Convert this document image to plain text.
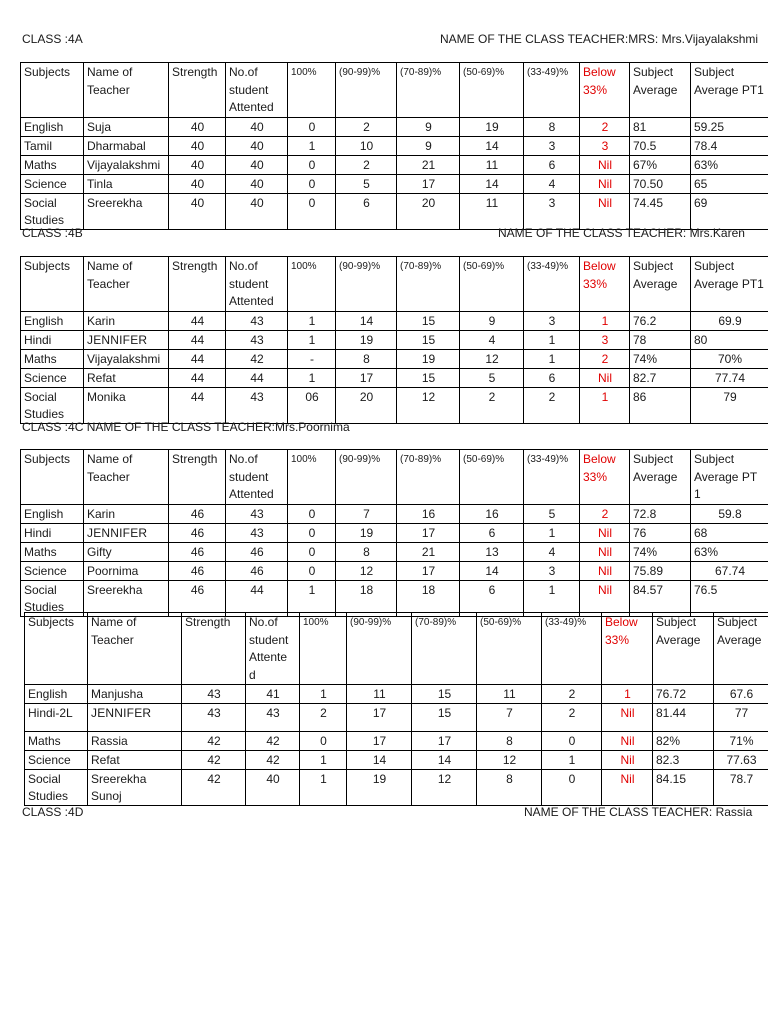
CLASS :4A	NAME OF THE CLASS TEACHER:MRS: Mrs.Vijayalakshmi
Subjects	Name of Teacher	Strength	No.of student Attented	100%	(90-99)%	(70-89)%	(50-69)%	(33-49)%	Below 33%	Subject Average	Subject Average PT1
English	Suja	40	40	0	2	9	19	8	2	81	59.25
Tamil	Dharmabal	40	40	1	10	9	14	3	3	70.5	78.4
Maths	Vijayalakshmi	40	40	0	2	21	11	6	Nil	67%	63%
Science	Tinla	40	40	0	5	17	14	4	Nil	70.50	65
Social Studies	Sreerekha	40	40	0	6	20	11	3	Nil	74.45	69
CLASS :4B	NAME OF THE CLASS TEACHER: Mrs.Karen
Subjects	Name of Teacher	Strength	No.of student Attented	100%	(90-99)%	(70-89)%	(50-69)%	(33-49)%	Below 33%	Subject Average	Subject Average PT1
English	Karin	44	43	1	14	15	9	3	1	76.2	69.9
Hindi	JENNIFER	44	43	1	19	15	4	1	3	78	80
Maths	Vijayalakshmi	44	42	-	8	19	12	1	2	74%	70%
Science	Refat	44	44	1	17	15	5	6	Nil	82.7	77.74
Social Studies	Monika	44	43	06	20	12	2	2	1	86	79
CLASS :4C NAME OF THE CLASS TEACHER:Mrs.Poornima
Subjects	Name of Teacher	Strength	No.of student Attented	100%	(90-99)%	(70-89)%	(50-69)%	(33-49)%	Below 33%	Subject Average	Subject Average PT 1
English	Karin	46	43	0	7	16	16	5	2	72.8	59.8
Hindi	JENNIFER	46	43	0	19	17	6	1	Nil	76	68
Maths	Gifty	46	46	0	8	21	13	4	Nil	74%	63%
Science	Poornima	46	46	0	12	17	14	3	Nil	75.89	67.74
Social Studies	Sreerekha	46	44	1	18	18	6	1	Nil	84.57	76.5
Subjects	Name of Teacher	Strength	No.of student Attente d	100%	(90-99)%	(70-89)%	(50-69)%	(33-49)%	Below 33%	Subject Average	Subject Average
English	Manjusha	43	41	1	11	15	11	2	1	76.72	67.6
Hindi-2L	JENNIFER	43	43	2	17	15	7	2	Nil	81.44	77
Maths	Rassia	42	42	0	17	17	8	0	Nil	82%	71%
Science	Refat	42	42	1	14	14	12	1	Nil	82.3	77.63
Social Studies	Sreerekha Sunoj	42	40	1	19	12	8	0	Nil	84.15	78.7
CLASS :4D	NAME OF THE CLASS TEACHER: Rassia
